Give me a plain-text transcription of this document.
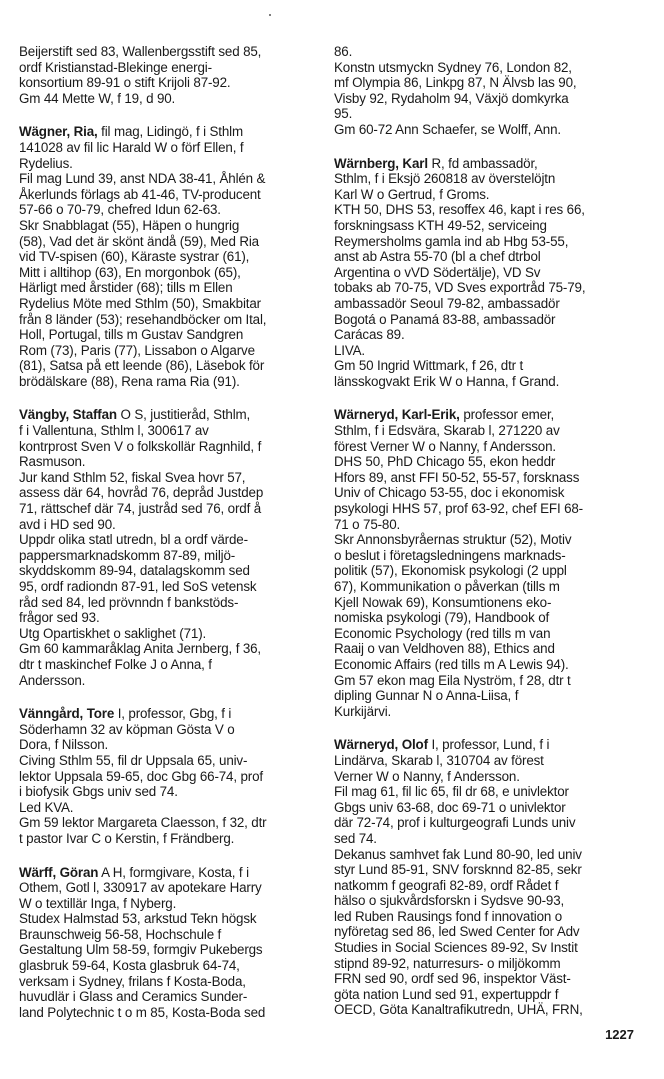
Beijerstift sed 83, Wallenbergsstift sed 85,
ordf Kristianstad-Blekinge energi-
konsortium 89-91 o stift Krijoli 87-92.
Gm 44 Mette W, f 19, d 90.
Wägner, Ria, fil mag, Lidingö, f i Sthlm
141028 av fil lic Harald W o förf Ellen, f
Rydelius.
Fil mag Lund 39, anst NDA 38-41, Åhlén &
Åkerlunds förlags ab 41-46, TV-producent
57-66 o 70-79, chefred Idun 62-63.
Skr Snabblagat (55), Häpen o hungrig
(58), Vad det är skönt ändå (59), Med Ria
vid TV-spisen (60), Käraste systrar (61),
Mitt i alltihop (63), En morgonbok (65),
Härligt med årstider (68); tills m Ellen
Rydelius Möte med Sthlm (50), Smakbitar
från 8 länder (53); resehandböcker om Ital,
Holl, Portugal, tills m Gustav Sandgren
Rom (73), Paris (77), Lissabon o Algarve
(81), Satsa på ett leende (86), Läsebok för
brödälskare (88), Rena rama Ria (91).
Vängby, Staffan O S, justitieråd, Sthlm,
f i Vallentuna, Sthlm l, 300617 av
kontrprost Sven V o folkskollär Ragnhild, f
Rasmuson.
Jur kand Sthlm 52, fiskal Svea hovr 57,
assess där 64, hovråd 76, depråd Justdep
71, rättschef där 74, justråd sed 76, ordf å
avd i HD sed 90.
Uppdr olika statl utredn, bl a ordf värde-
pappersmarknadskomm 87-89, miljö-
skyddskomm 89-94, datalagskomm sed
95, ordf radiondn 87-91, led SoS vetensk
råd sed 84, led prövnndn f bankstöds-
frågor sed 93.
Utg Opartiskhet o saklighet (71).
Gm 60 kammaråklag Anita Jernberg, f 36,
dtr t maskinchef Folke J o Anna, f
Andersson.
Vänngård, Tore I, professor, Gbg, f i
Söderhamn 32 av köpman Gösta V o
Dora, f Nilsson.
Civing Sthlm 55, fil dr Uppsala 65, univ-
lektor Uppsala 59-65, doc Gbg 66-74, prof
i biofysik Gbgs univ sed 74.
Led KVA.
Gm 59 lektor Margareta Claesson, f 32, dtr
t pastor Ivar C o Kerstin, f Frändberg.
Wärff, Göran A H, formgivare, Kosta, f i
Othem, Gotl l, 330917 av apotekare Harry
W o textillär Inga, f Nyberg.
Studex Halmstad 53, arkstud Tekn högsk
Braunschweig 56-58, Hochschule f
Gestaltung Ulm 58-59, formgiv Pukebergs
glasbruk 59-64, Kosta glasbruk 64-74,
verksam i Sydney, frilans f Kosta-Boda,
huvudlär i Glass and Ceramics Sunder-
land Polytechnic t o m 85, Kosta-Boda sed
86.
Konstn utsmyckn Sydney 76, London 82,
mf Olympia 86, Linkpg 87, N Älvsb las 90,
Visby 92, Rydaholm 94, Växjö domkyrka
95.
Gm 60-72 Ann Schaefer, se Wolff, Ann.
Wärnberg, Karl R, fd ambassadör,
Sthlm, f i Eksjö 260818 av överstelöjtn
Karl W o Gertrud, f Groms.
KTH 50, DHS 53, resoffex 46, kapt i res 66,
forskningsass KTH 49-52, serviceing
Reymersholms gamla ind ab Hbg 53-55,
anst ab Astra 55-70 (bl a chef dtrbol
Argentina o vVD Södertälje), VD Sv
tobaks ab 70-75, VD Sves exportråd 75-79,
ambassadör Seoul 79-82, ambassadör
Bogotá o Panamá 83-88, ambassadör
Carácas 89.
LIVA.
Gm 50 Ingrid Wittmark, f 26, dtr t
länsskogvakt Erik W o Hanna, f Grand.
Wärneryd, Karl-Erik, professor emer,
Sthlm, f i Edsvära, Skarab l, 271220 av
förest Verner W o Nanny, f Andersson.
DHS 50, PhD Chicago 55, ekon heddr
Hfors 89, anst FFI 50-52, 55-57, forsknass
Univ of Chicago 53-55, doc i ekonomisk
psykologi HHS 57, prof 63-92, chef EFI 68-
71 o 75-80.
Skr Annonsbyråernas struktur (52), Motiv
o beslut i företagsledningens marknads-
politik (57), Ekonomisk psykologi (2 uppl
67), Kommunikation o påverkan (tills m
Kjell Nowak 69), Konsumtionens eko-
nomiska psykologi (79), Handbook of
Economic Psychology (red tills m van
Raaij o van Veldhoven 88), Ethics and
Economic Affairs (red tills m A Lewis 94).
Gm 57 ekon mag Eila Nyström, f 28, dtr t
dipling Gunnar N o Anna-Liisa, f
Kurkijärvi.
Wärneryd, Olof I, professor, Lund, f i
Lindärva, Skarab l, 310704 av förest
Verner W o Nanny, f Andersson.
Fil mag 61, fil lic 65, fil dr 68, e univlektor
Gbgs univ 63-68, doc 69-71 o univlektor
där 72-74, prof i kulturgeografi Lunds univ
sed 74.
Dekanus samhvet fak Lund 80-90, led univ
styr Lund 85-91, SNV forsknnd 82-85, sekr
natkomm f geografi 82-89, ordf Rådet f
hälso o sjukvårdsforskn i Sydsve 90-93,
led Ruben Rausings fond f innovation o
nyföretag sed 86, led Swed Center for Adv
Studies in Social Sciences 89-92, Sv Instit
stipnd 89-92, naturresurs- o miljökomm
FRN sed 90, ordf sed 96, inspektor Väst-
göta nation Lund sed 91, expertuppdr f
OECD, Göta Kanaltrafikutredn, UHÄ, FRN,
1227
